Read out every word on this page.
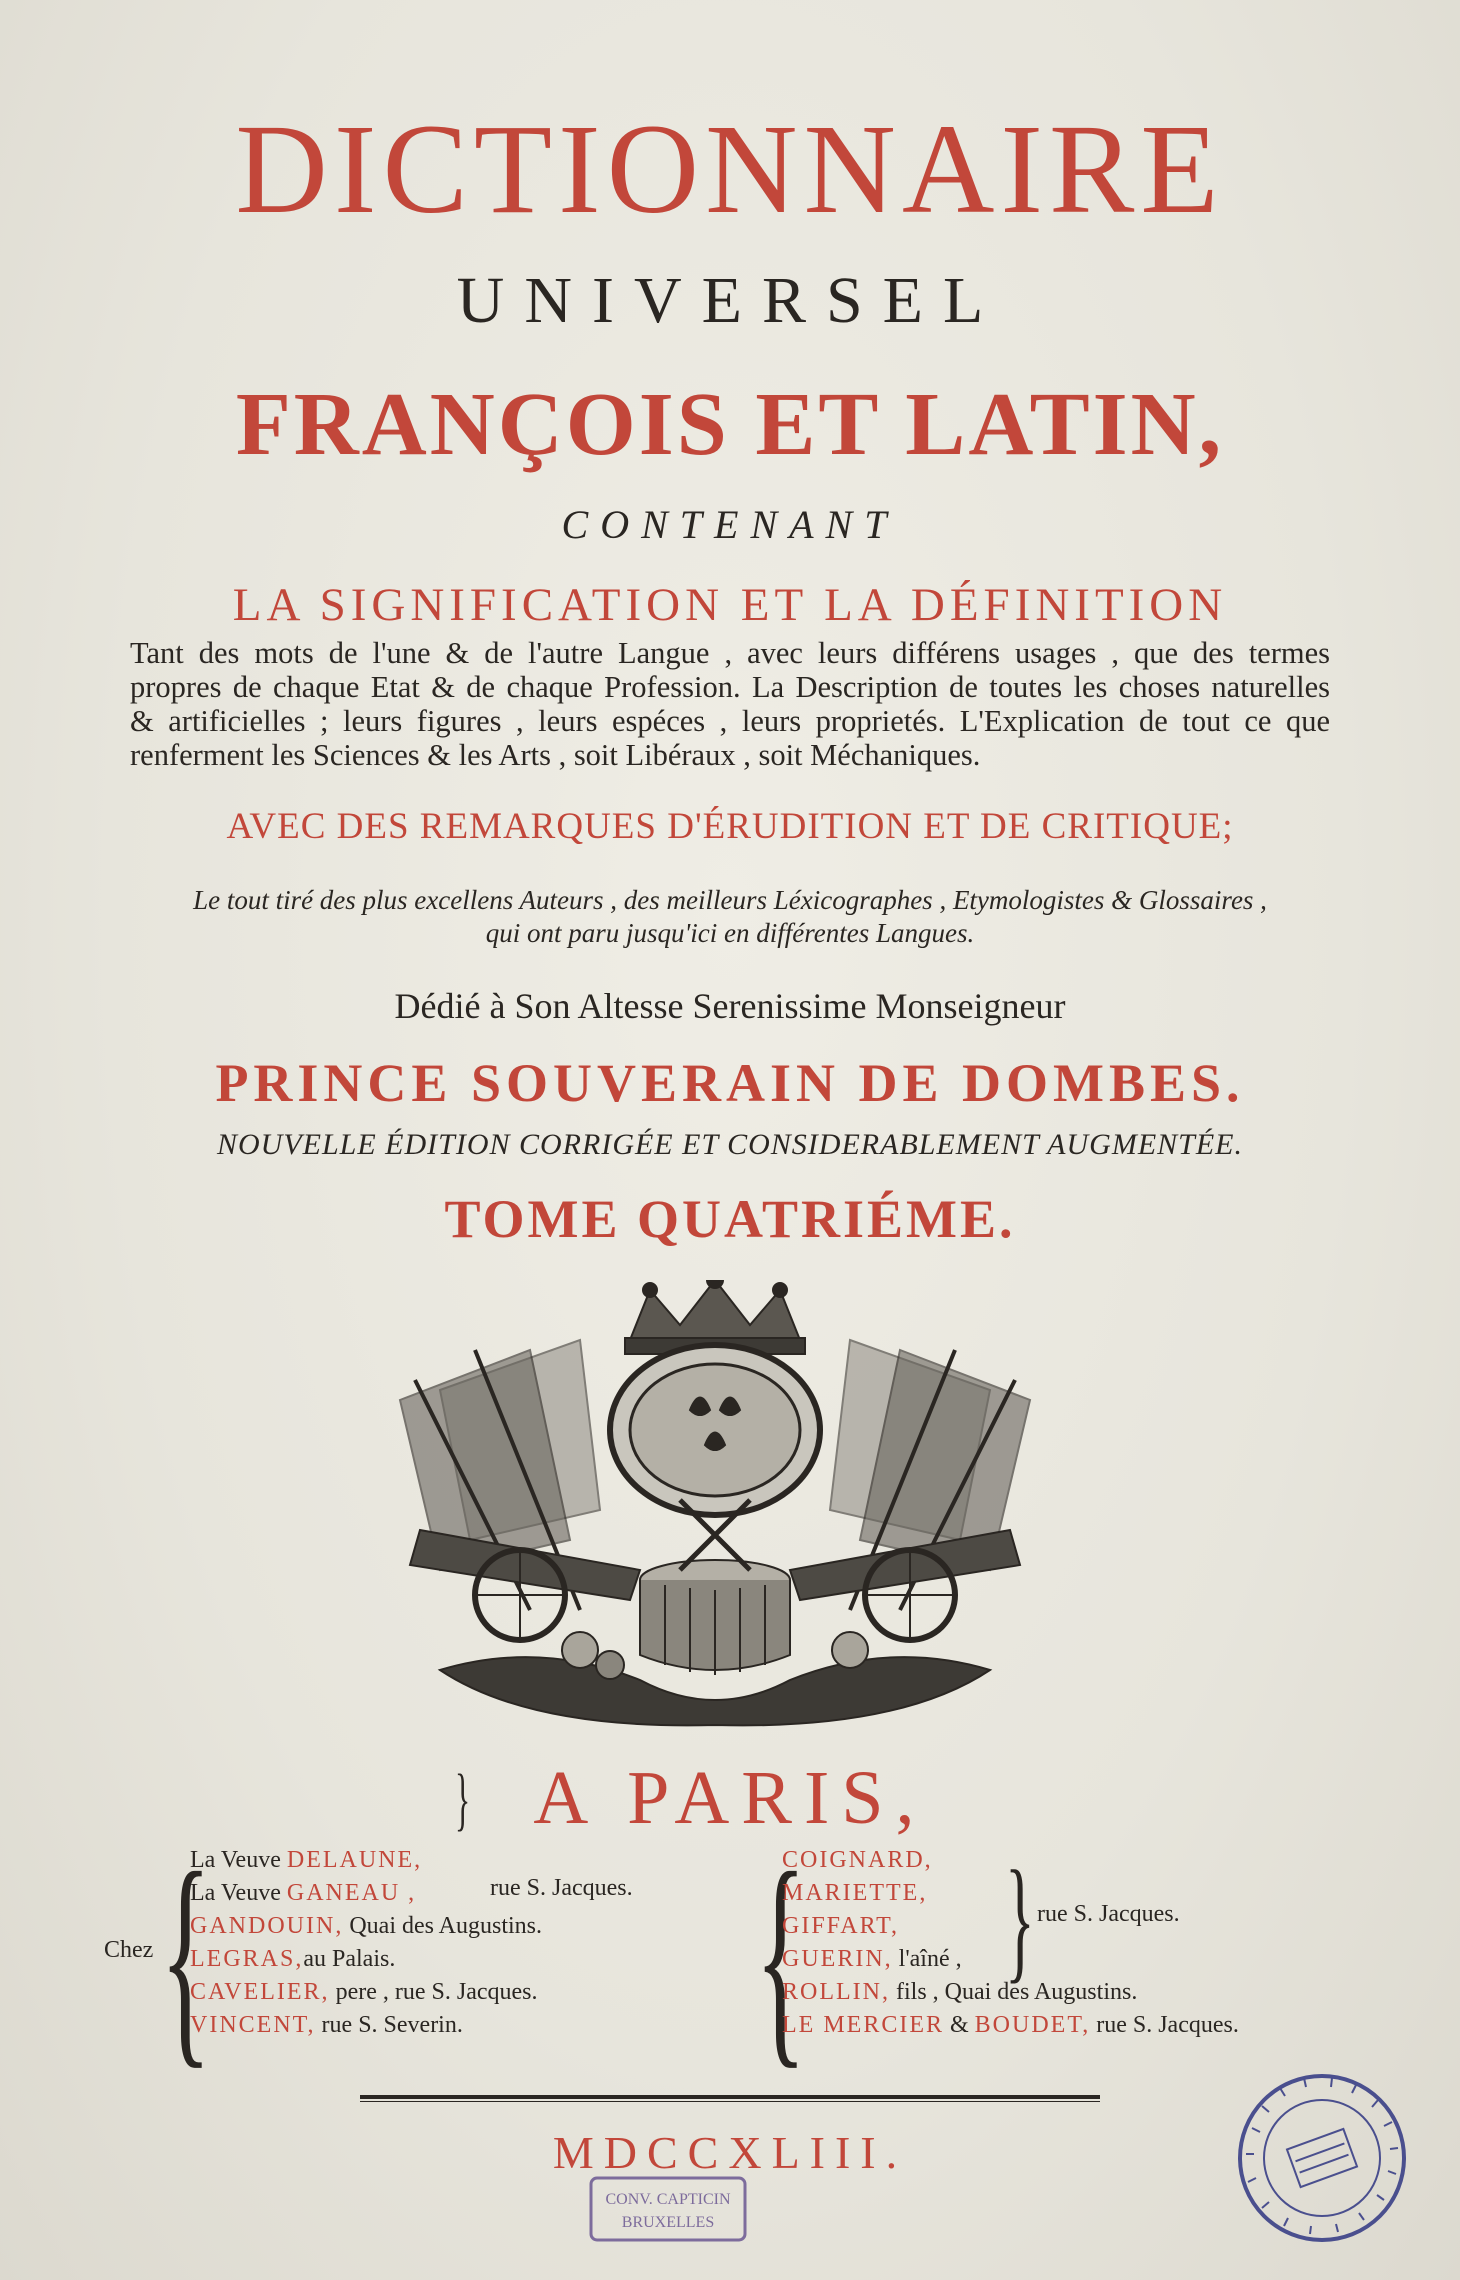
DICTIONNAIRE
UNIVERSEL
FRANÇOIS ET LATIN,
CONTENANT
LA SIGNIFICATION ET LA DÉFINITION
Tant des mots de l'une & de l'autre Langue , avec leurs différens usages , que des termes
propres de chaque Etat & de chaque Profession. La Description de toutes les choses naturelles
& artificielles ; leurs figures , leurs espéces , leurs proprietés. L'Explication de tout ce que
renferment les Sciences & les Arts , soit Libéraux , soit Méchaniques.
AVEC DES REMARQUES D'ÉRUDITION ET DE CRITIQUE;
Le tout tiré des plus excellens Auteurs , des meilleurs Léxicographes , Etymologistes & Glossaires ,
qui ont paru jusqu'ici en différentes Langues.
Dédié à Son Altesse Serenissime Monseigneur
PRINCE SOUVERAIN DE DOMBES.
NOUVELLE ÉDITION CORRIGÉE ET CONSIDERABLEMENT AUGMENTÉE.
TOME QUATRIÉME.
A PARIS,
Chez {
La Veuve DELAUNE,
La Veuve GANEAU ,
GANDOUIN, Quai des Augustins.
LEGRAS,au Palais.
CAVELIER, pere , rue S. Jacques.
VINCENT, rue S. Severin.
}
rue S. Jacques. {
COIGNARD,
MARIETTE,
GIFFART,
GUERIN, l'aîné ,
ROLLIN, fils , Quai des Augustins.
LE MERCIER & BOUDET, rue S. Jacques.
} rue S. Jacques.
MDCCXLIII.
CONV. CAPTICIN
BRUXELLES
